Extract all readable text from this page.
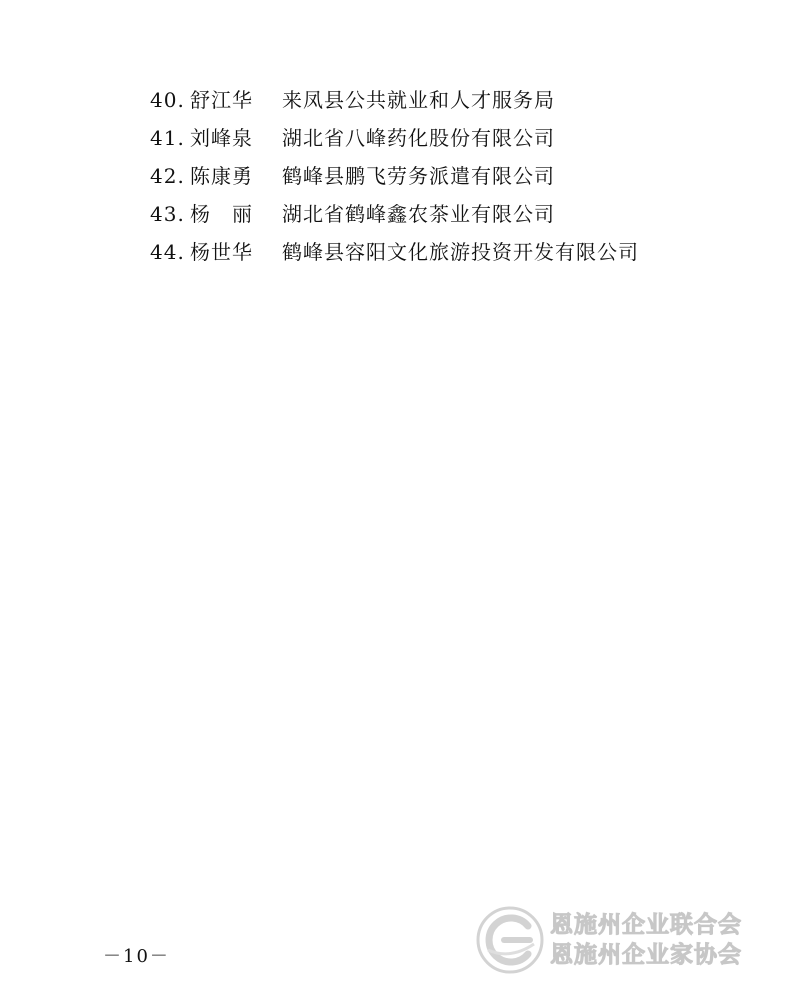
40. 舒江华	来凤县公共就业和人才服务局
41. 刘峰泉	湖北省八峰药化股份有限公司
42. 陈康勇	鹤峰县鹏飞劳务派遣有限公司
43. 杨　丽	湖北省鹤峰鑫农茶业有限公司
44. 杨世华	鹤峰县容阳文化旅游投资开发有限公司
－10－
恩施州企业联合会
恩施州企业家协会
